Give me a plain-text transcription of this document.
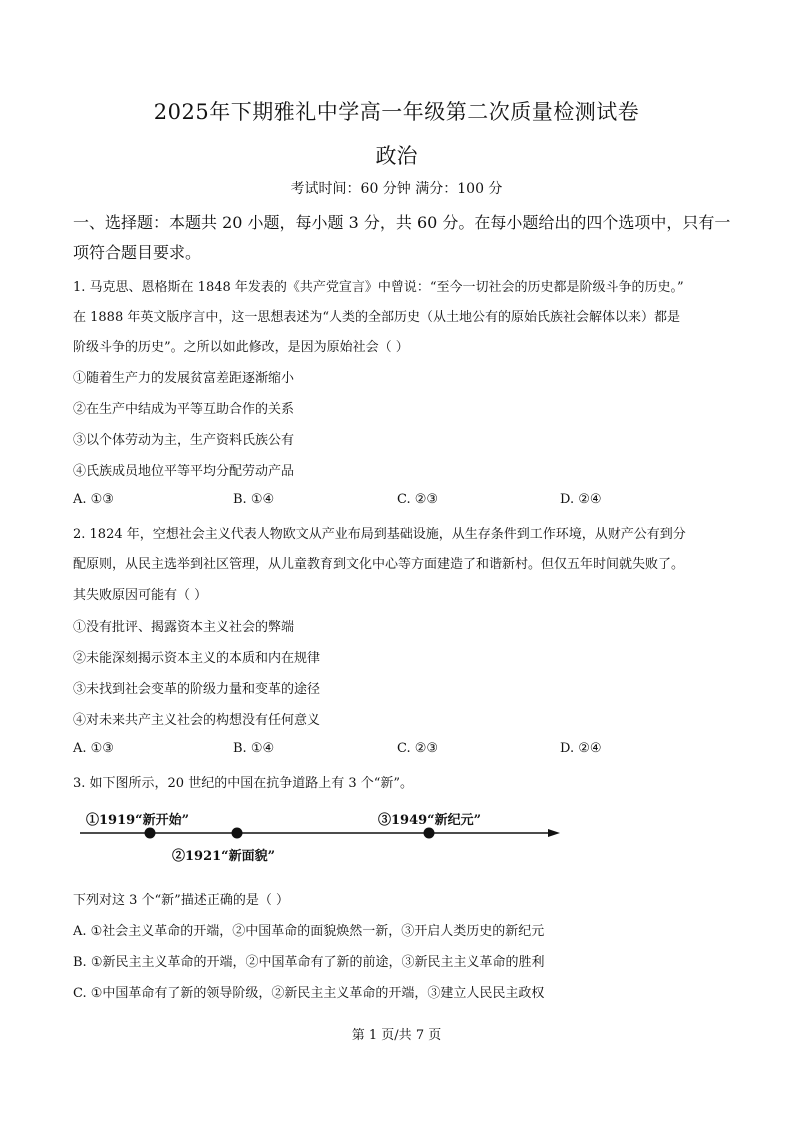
2025年下期雅礼中学高一年级第二次质量检测试卷
政治
考试时间：60 分钟 满分：100 分
一、选择题：本题共 20 小题，每小题 3 分，共 60 分。在每小题给出的四个选项中，只有一
项符合题目要求。
1. 马克思、恩格斯在 1848 年发表的《共产党宣言》中曾说：“至今一切社会的历史都是阶级斗争的历史。”
在 1888 年英文版序言中，这一思想表述为“人类的全部历史（从土地公有的原始氏族社会解体以来）都是
阶级斗争的历史”。之所以如此修改，是因为原始社会（ ）
①随着生产力的发展贫富差距逐渐缩小
②在生产中结成为平等互助合作的关系
③以个体劳动为主，生产资料氏族公有
④氏族成员地位平等平均分配劳动产品
A. ①③	B. ①④	C. ②③	D. ②④
2. 1824 年，空想社会主义代表人物欧文从产业布局到基础设施，从生存条件到工作环境，从财产公有到分
配原则，从民主选举到社区管理，从儿童教育到文化中心等方面建造了和谐新村。但仅五年时间就失败了。
其失败原因可能有（ ）
①没有批评、揭露资本主义社会的弊端
②未能深刻揭示资本主义的本质和内在规律
③未找到社会变革的阶级力量和变革的途径
④对未来共产主义社会的构想没有任何意义
A. ①③	B. ①④	C. ②③	D. ②④
3. 如下图所示，20 世纪的中国在抗争道路上有 3 个“新”。
①1919“新开始”
②1921“新面貌”
③1949“新纪元”
下列对这 3 个“新”描述正确的是（ ）
A. ①社会主义革命的开端，②中国革命的面貌焕然一新，③开启人类历史的新纪元
B. ①新民主主义革命的开端，②中国革命有了新的前途，③新民主主义革命的胜利
C. ①中国革命有了新的领导阶级，②新民主主义革命的开端，③建立人民民主政权
第 1 页/共 7 页
